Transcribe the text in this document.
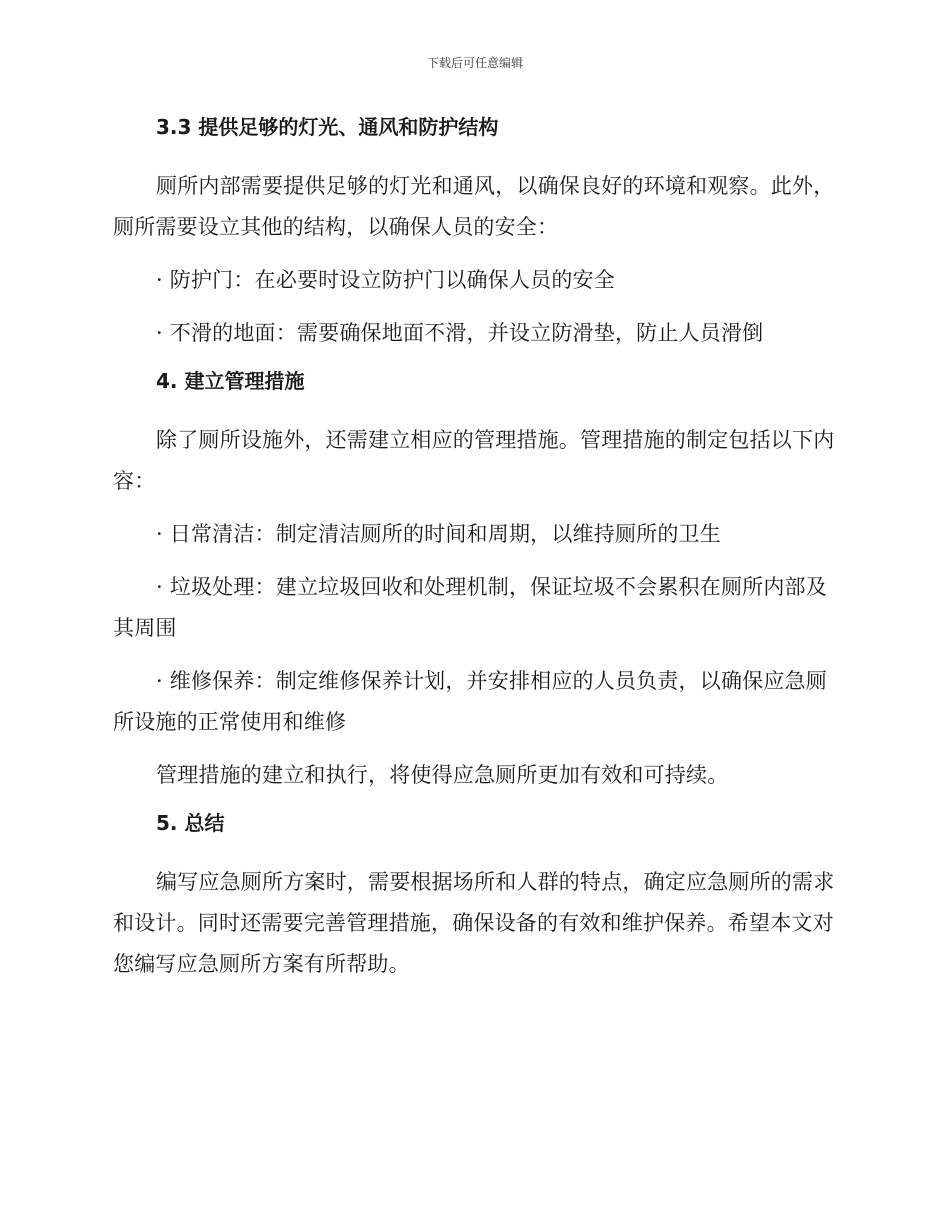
下载后可任意编辑
3.3 提供足够的灯光、通风和防护结构

厕所内部需要提供足够的灯光和通风，以确保良好的环境和观察。此外，厕所需要设立其他的结构，以确保人员的安全：

· 防护门：在必要时设立防护门以确保人员的安全

· 不滑的地面：需要确保地面不滑，并设立防滑垫，防止人员滑倒

4. 建立管理措施

除了厕所设施外，还需建立相应的管理措施。管理措施的制定包括以下内容：

· 日常清洁：制定清洁厕所的时间和周期，以维持厕所的卫生

· 垃圾处理：建立垃圾回收和处理机制，保证垃圾不会累积在厕所内部及其周围

· 维修保养：制定维修保养计划，并安排相应的人员负责，以确保应急厕所设施的正常使用和维修

管理措施的建立和执行，将使得应急厕所更加有效和可持续。

5. 总结

编写应急厕所方案时，需要根据场所和人群的特点，确定应急厕所的需求和设计。同时还需要完善管理措施，确保设备的有效和维护保养。希望本文对您编写应急厕所方案有所帮助。
